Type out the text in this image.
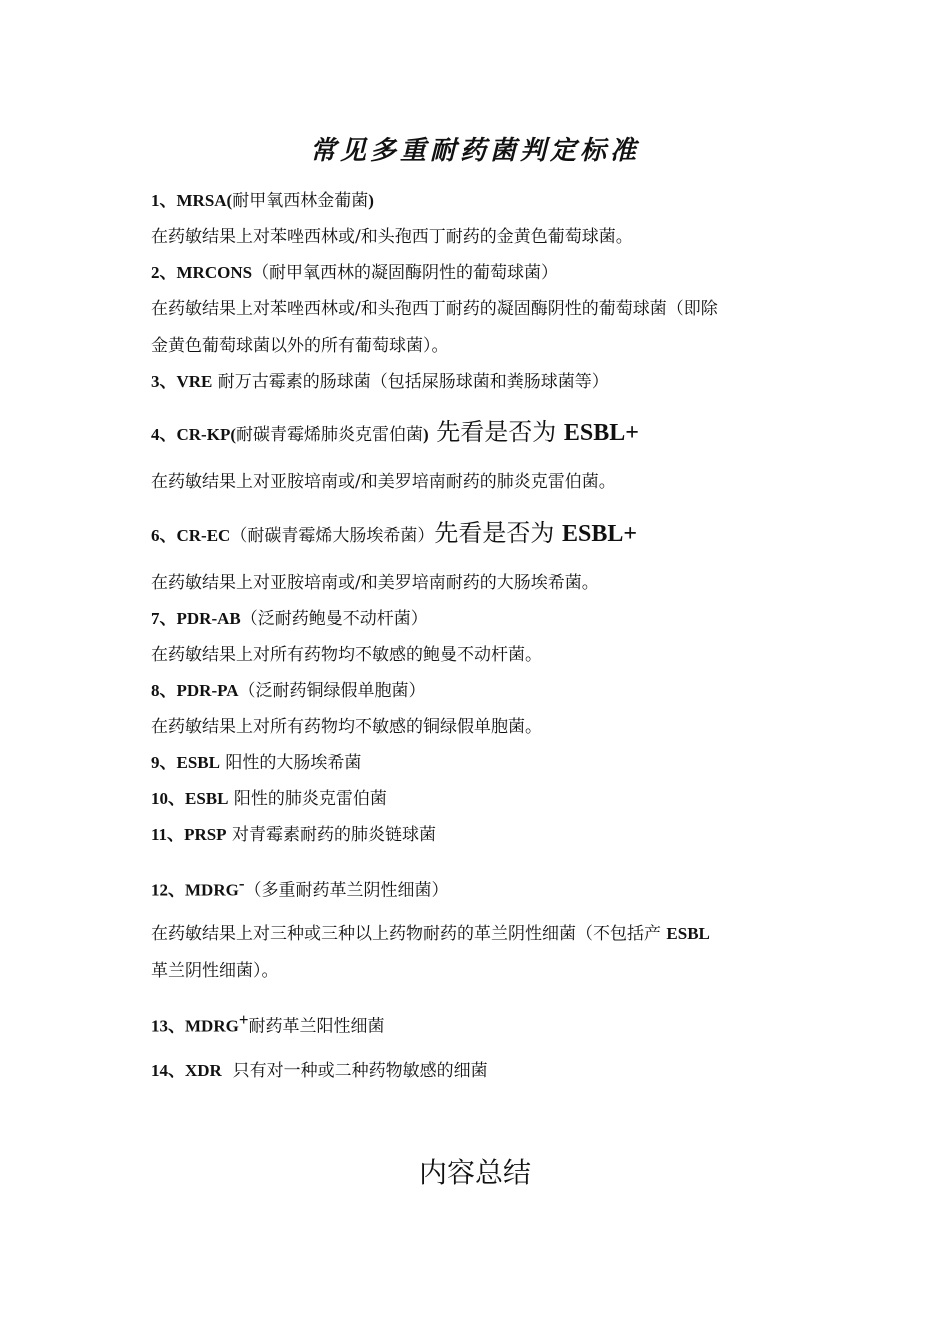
常见多重耐药菌判定标准
1、MRSA(耐甲氧西林金葡菌)
在药敏结果上对苯唑西林或/和头孢西丁耐药的金黄色葡萄球菌。
2、MRCONS（耐甲氧西林的凝固酶阴性的葡萄球菌）
在药敏结果上对苯唑西林或/和头孢西丁耐药的凝固酶阴性的葡萄球菌（即除
金黄色葡萄球菌以外的所有葡萄球菌）。
3、VRE 耐万古霉素的肠球菌（包括屎肠球菌和粪肠球菌等）
4、CR-KP(耐碳青霉烯肺炎克雷伯菌) 先看是否为 ESBL+
在药敏结果上对亚胺培南或/和美罗培南耐药的肺炎克雷伯菌。
6、CR-EC（耐碳青霉烯大肠埃希菌）先看是否为 ESBL+
在药敏结果上对亚胺培南或/和美罗培南耐药的大肠埃希菌。
7、PDR-AB（泛耐药鲍曼不动杆菌）
在药敏结果上对所有药物均不敏感的鲍曼不动杆菌。
8、PDR-PA（泛耐药铜绿假单胞菌）
在药敏结果上对所有药物均不敏感的铜绿假单胞菌。
9、ESBL 阳性的大肠埃希菌
10、ESBL 阳性的肺炎克雷伯菌
11、PRSP 对青霉素耐药的肺炎链球菌
12、MDRG-（多重耐药革兰阴性细菌）
在药敏结果上对三种或三种以上药物耐药的革兰阴性细菌（不包括产 ESBL
革兰阴性细菌）。
13、MDRG+耐药革兰阳性细菌
14、XDR  只有对一种或二种药物敏感的细菌
内容总结
